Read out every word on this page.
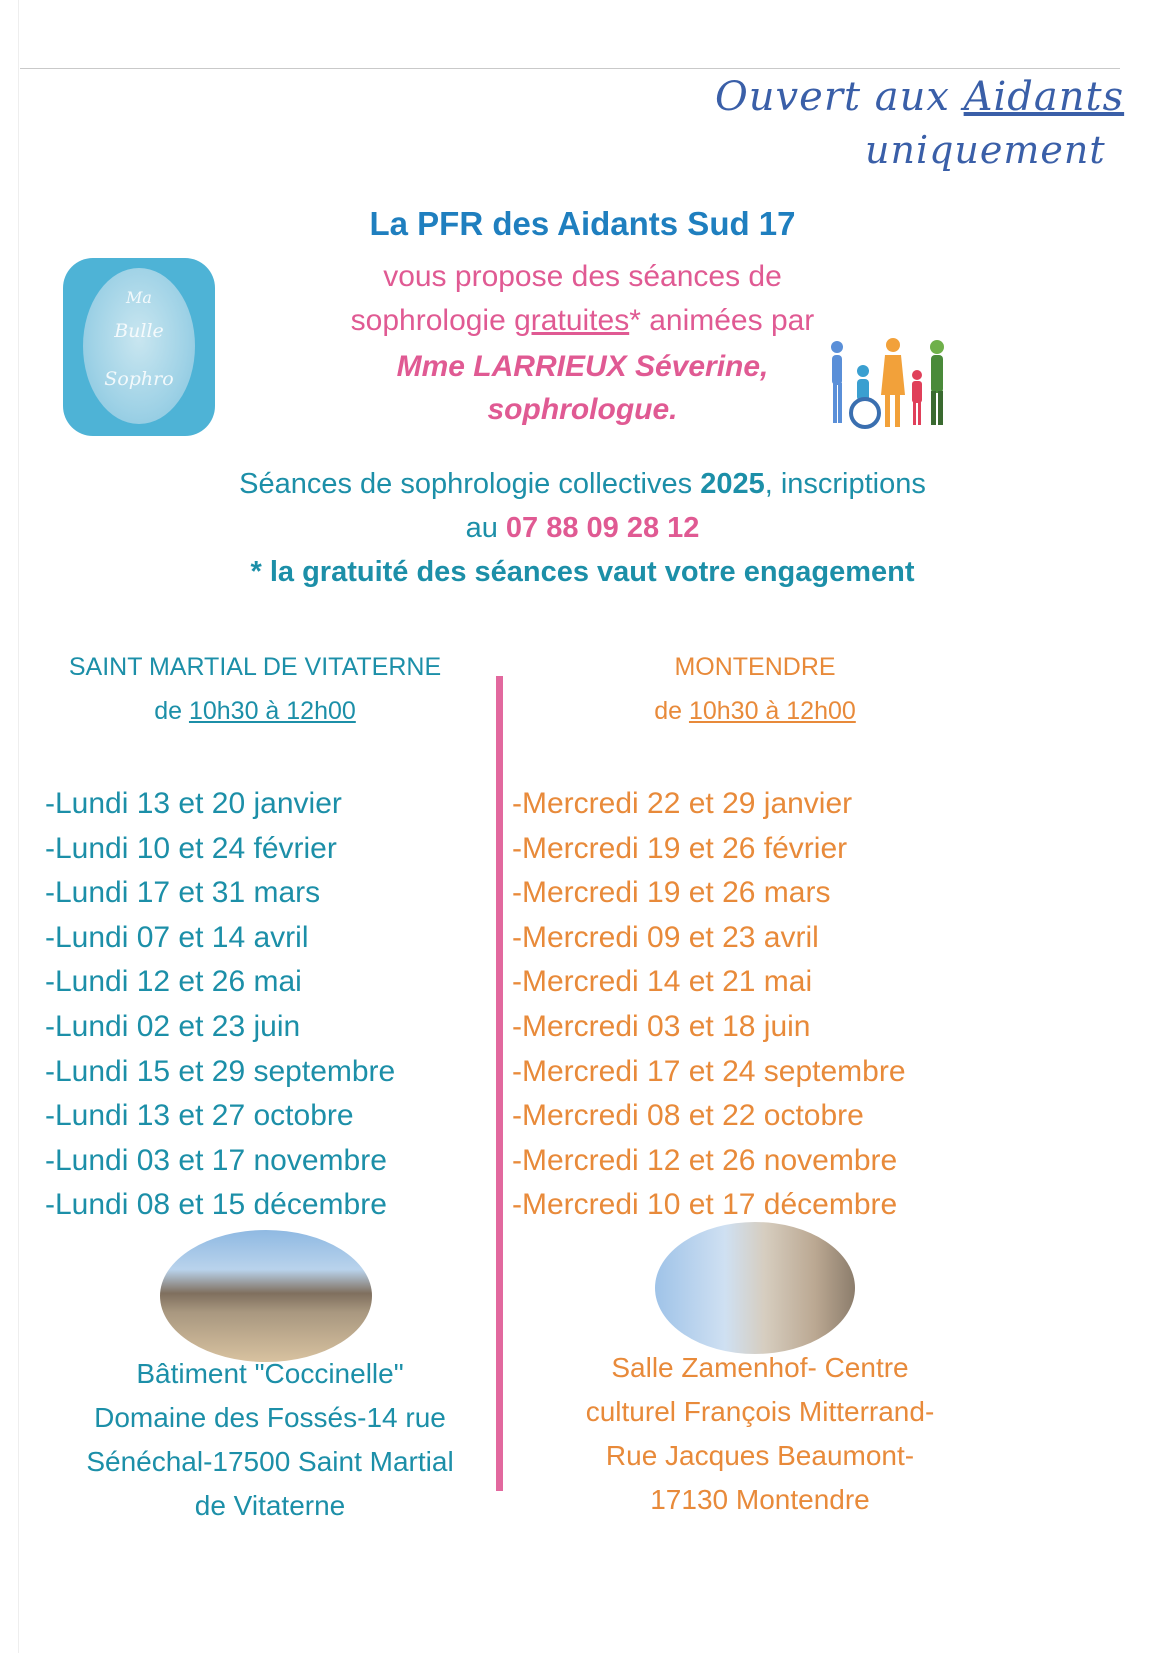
Ouvert aux Aidants
uniquement
Ma
Bulle
Sophro
La PFR des Aidants Sud 17
vous propose des séances de
sophrologie gratuites* animées par
Mme LARRIEUX Séverine,
sophrologue.
Séances de sophrologie collectives 2025, inscriptions
au 07 88 09 28 12
* la gratuité des séances vaut votre engagement
SAINT MARTIAL DE VITATERNE
de 10h30 à 12h00
MONTENDRE
de 10h30 à 12h00
-Lundi 13 et 20 janvier
-Lundi 10 et 24 février
-Lundi 17 et 31 mars
-Lundi 07 et 14 avril
-Lundi 12 et 26 mai
-Lundi 02 et 23 juin
-Lundi 15 et 29 septembre
-Lundi 13 et 27 octobre
-Lundi 03 et 17 novembre
-Lundi 08 et 15 décembre
-Mercredi 22 et 29 janvier
-Mercredi 19 et 26 février
-Mercredi 19 et 26 mars
-Mercredi 09 et 23 avril
-Mercredi 14 et 21 mai
-Mercredi 03 et 18 juin
-Mercredi 17 et 24 septembre
-Mercredi 08 et 22 octobre
-Mercredi 12 et 26 novembre
-Mercredi 10 et 17 décembre
Bâtiment "Coccinelle"
Domaine des Fossés-14 rue
Sénéchal-17500 Saint Martial
de Vitaterne
Salle Zamenhof- Centre
culturel François Mitterrand-
Rue Jacques Beaumont-
17130 Montendre
